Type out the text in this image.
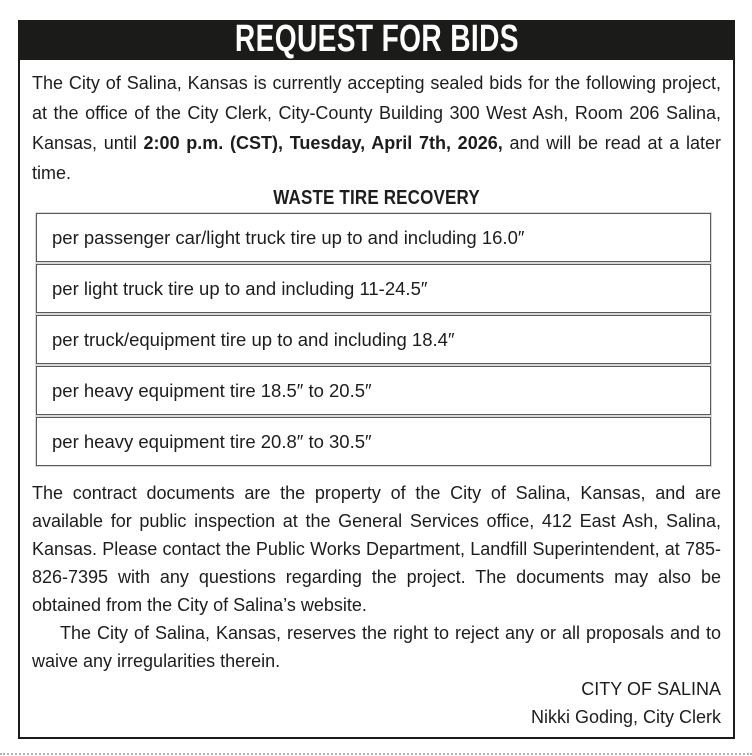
REQUEST FOR BIDS

The City of Salina, Kansas is currently accepting sealed bids for the following project, at the office of the City Clerk, City-County Building 300 West Ash, Room 206 Salina, Kansas, until 2:00 p.m. (CST), Tuesday, April 7th, 2026, and will be read at a later time.

WASTE TIRE RECOVERY

per passenger car/light truck tire up to and including 16.0″
per light truck tire up to and including 11-24.5″
per truck/equipment tire up to and including 18.4″
per heavy equipment tire 18.5″ to 20.5″
per heavy equipment tire 20.8″ to 30.5″

The contract documents are the property of the City of Salina, Kansas, and are available for public inspection at the General Services office, 412 East Ash, Salina, Kansas. Please contact the Public Works Department, Landfill Superintendent, at 785-826-7395 with any questions regarding the project. The documents may also be obtained from the City of Salina’s website.

The City of Salina, Kansas, reserves the right to reject any or all proposals and to waive any irregularities therein.

CITY OF SALINA
Nikki Goding, City Clerk
